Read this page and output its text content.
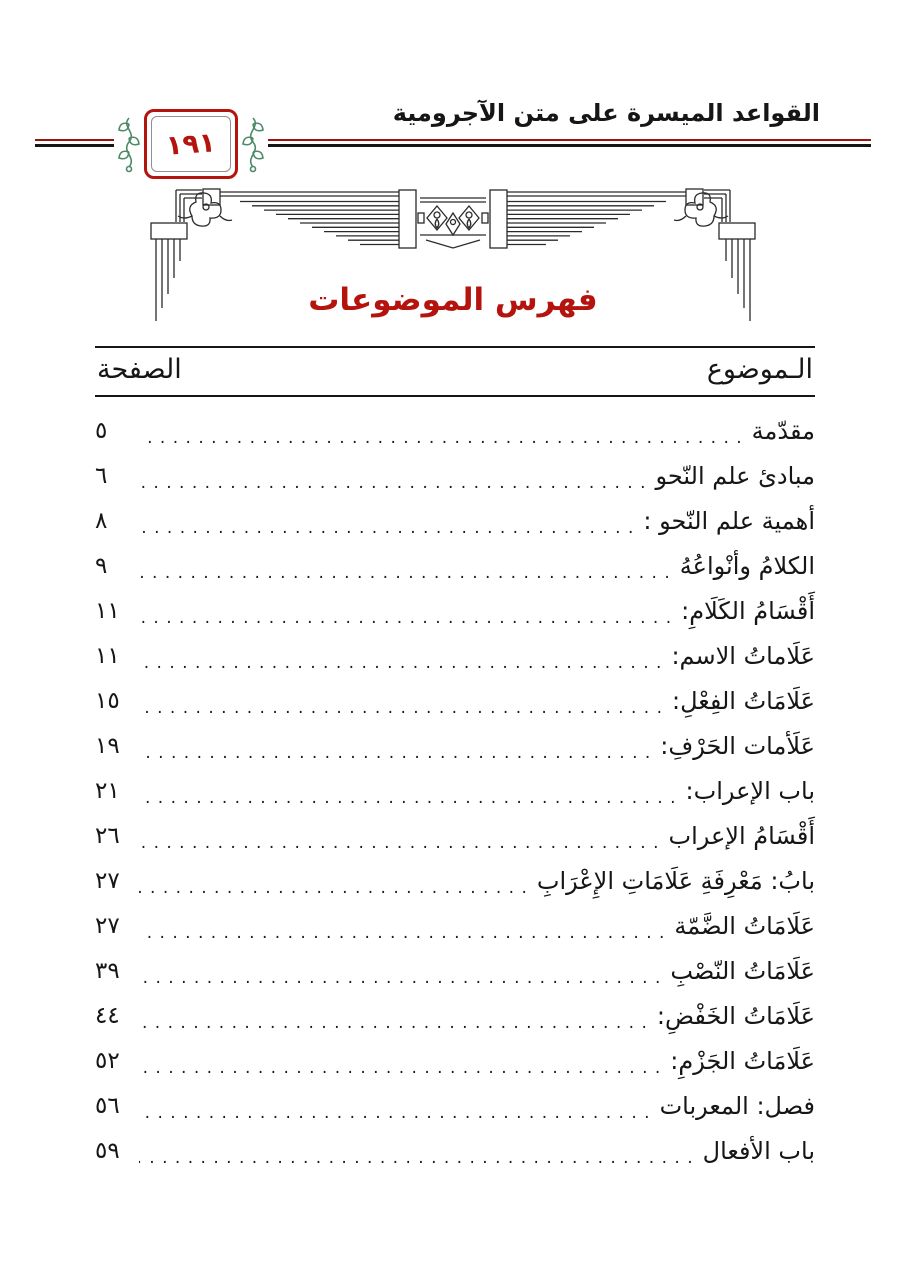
القواعد الميسرة على متن الآجرومية
١٩١
فهرس الموضوعات
الـموضوع
الصفحة
مقدّمة
. . .
٥
مبادئ علم النّحو
. . .
٦
أهمية علم النّحو :
. . .
٨
الكلامُ وأنْواعُهُ
. . .
٩
أَقْسَامُ الكَلَامِ:
. . .
١١
عَلَاماتُ الاسم:
. . .
١١
عَلَامَاتُ الفِعْلِ:
. . .
١٥
عَلَأمات الحَرْفِ:
. . .
١٩
باب الإعراب:
. . .
٢١
أَقْسَامُ الإعراب
. . .
٢٦
بابُ: مَعْرِفَةِ عَلَامَاتِ الإِعْرَابِ
. . .
٢٧
عَلَامَاتُ الضَّمّة
. . .
٢٧
عَلَامَاتُ النّصْبِ
. . .
٣٩
عَلَامَاتُ الخَفْضِ:
. . .
٤٤
عَلَامَاتُ الجَزْمِ:
. . .
٥٢
فصل: المعربات
. . .
٥٦
باب الأفعال
. . .
٥٩
